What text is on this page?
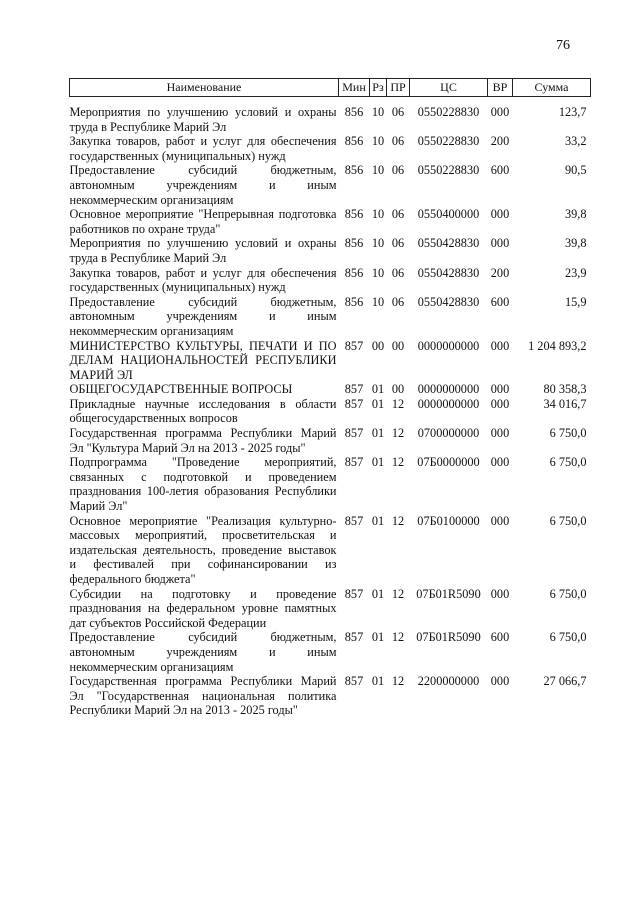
76
Наименование	Мин	Рз	ПР	ЦС	ВР	Сумма
Мероприятия по улучшению условий и охраны труда в Республике Марий Эл	856	10	06	0550228830	000	123,7
Закупка товаров, работ и услуг для обеспечения государственных (муниципальных) нужд	856	10	06	0550228830	200	33,2
Предоставление субсидий бюджетным, автономным учреждениям и иным некоммерческим организациям	856	10	06	0550228830	600	90,5
Основное мероприятие "Непрерывная подготовка работников по охране труда"	856	10	06	0550400000	000	39,8
Мероприятия по улучшению условий и охраны труда в Республике Марий Эл	856	10	06	0550428830	000	39,8
Закупка товаров, работ и услуг для обеспечения государственных (муниципальных) нужд	856	10	06	0550428830	200	23,9
Предоставление субсидий бюджетным, автономным учреждениям и иным некоммерческим организациям	856	10	06	0550428830	600	15,9
МИНИСТЕРСТВО КУЛЬТУРЫ, ПЕЧАТИ И ПО ДЕЛАМ НАЦИОНАЛЬНОСТЕЙ РЕСПУБЛИКИ МАРИЙ ЭЛ	857	00	00	0000000000	000	1 204 893,2
ОБЩЕГОСУДАРСТВЕННЫЕ ВОПРОСЫ	857	01	00	0000000000	000	80 358,3
Прикладные научные исследования в области общегосударственных вопросов	857	01	12	0000000000	000	34 016,7
Государственная программа Республики Марий Эл "Культура Марий Эл на 2013 - 2025 годы"	857	01	12	0700000000	000	6 750,0
Подпрограмма "Проведение мероприятий, связанных с подготовкой и проведением празднования 100-летия образования Республики Марий Эл"	857	01	12	07Б0000000	000	6 750,0
Основное мероприятие "Реализация культурно-массовых мероприятий, просветительская и издательская деятельность, проведение выставок и фестивалей при софинансировании из федерального бюджета"	857	01	12	07Б0100000	000	6 750,0
Субсидии на подготовку и проведение празднования на федеральном уровне памятных дат субъектов Российской Федерации	857	01	12	07Б01R5090	000	6 750,0
Предоставление субсидий бюджетным, автономным учреждениям и иным некоммерческим организациям	857	01	12	07Б01R5090	600	6 750,0
Государственная программа Республики Марий Эл "Государственная национальная политика Республики Марий Эл на 2013 - 2025 годы"	857	01	12	2200000000	000	27 066,7
